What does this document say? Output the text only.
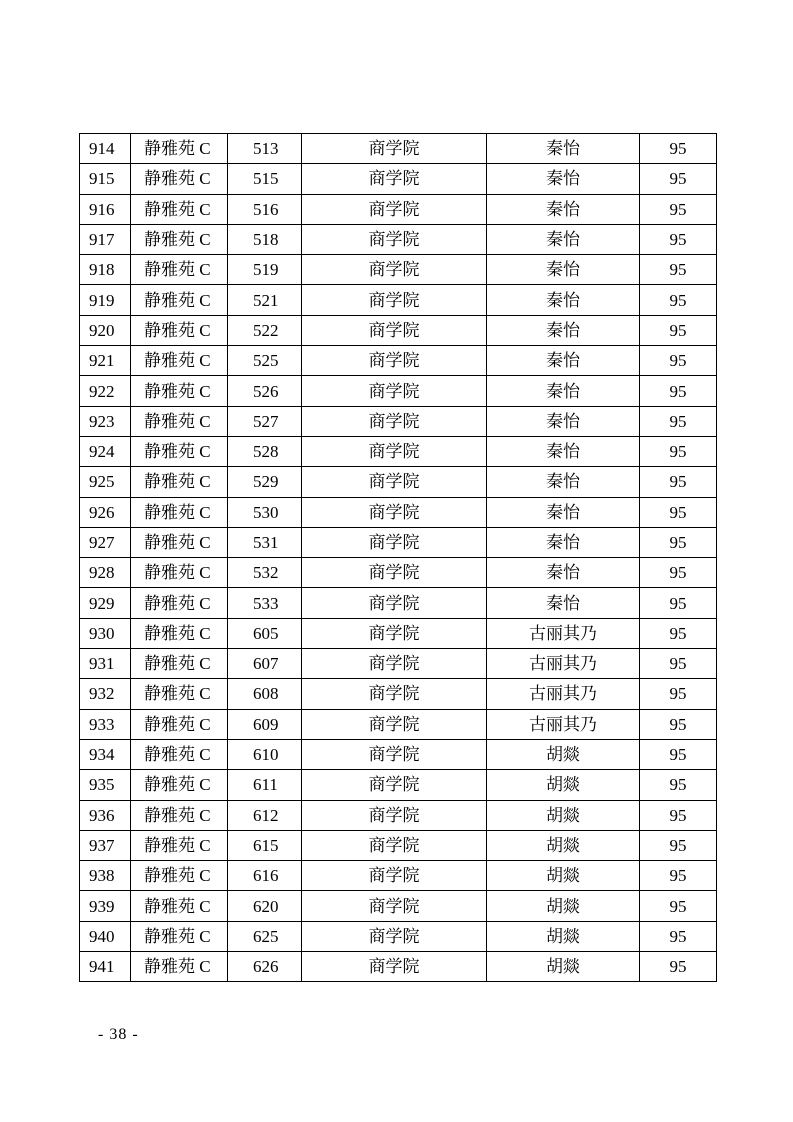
914	静雅苑 C	513	商学院	秦怡	95
915	静雅苑 C	515	商学院	秦怡	95
916	静雅苑 C	516	商学院	秦怡	95
917	静雅苑 C	518	商学院	秦怡	95
918	静雅苑 C	519	商学院	秦怡	95
919	静雅苑 C	521	商学院	秦怡	95
920	静雅苑 C	522	商学院	秦怡	95
921	静雅苑 C	525	商学院	秦怡	95
922	静雅苑 C	526	商学院	秦怡	95
923	静雅苑 C	527	商学院	秦怡	95
924	静雅苑 C	528	商学院	秦怡	95
925	静雅苑 C	529	商学院	秦怡	95
926	静雅苑 C	530	商学院	秦怡	95
927	静雅苑 C	531	商学院	秦怡	95
928	静雅苑 C	532	商学院	秦怡	95
929	静雅苑 C	533	商学院	秦怡	95
930	静雅苑 C	605	商学院	古丽其乃	95
931	静雅苑 C	607	商学院	古丽其乃	95
932	静雅苑 C	608	商学院	古丽其乃	95
933	静雅苑 C	609	商学院	古丽其乃	95
934	静雅苑 C	610	商学院	胡燚	95
935	静雅苑 C	611	商学院	胡燚	95
936	静雅苑 C	612	商学院	胡燚	95
937	静雅苑 C	615	商学院	胡燚	95
938	静雅苑 C	616	商学院	胡燚	95
939	静雅苑 C	620	商学院	胡燚	95
940	静雅苑 C	625	商学院	胡燚	95
941	静雅苑 C	626	商学院	胡燚	95
- 38 -
